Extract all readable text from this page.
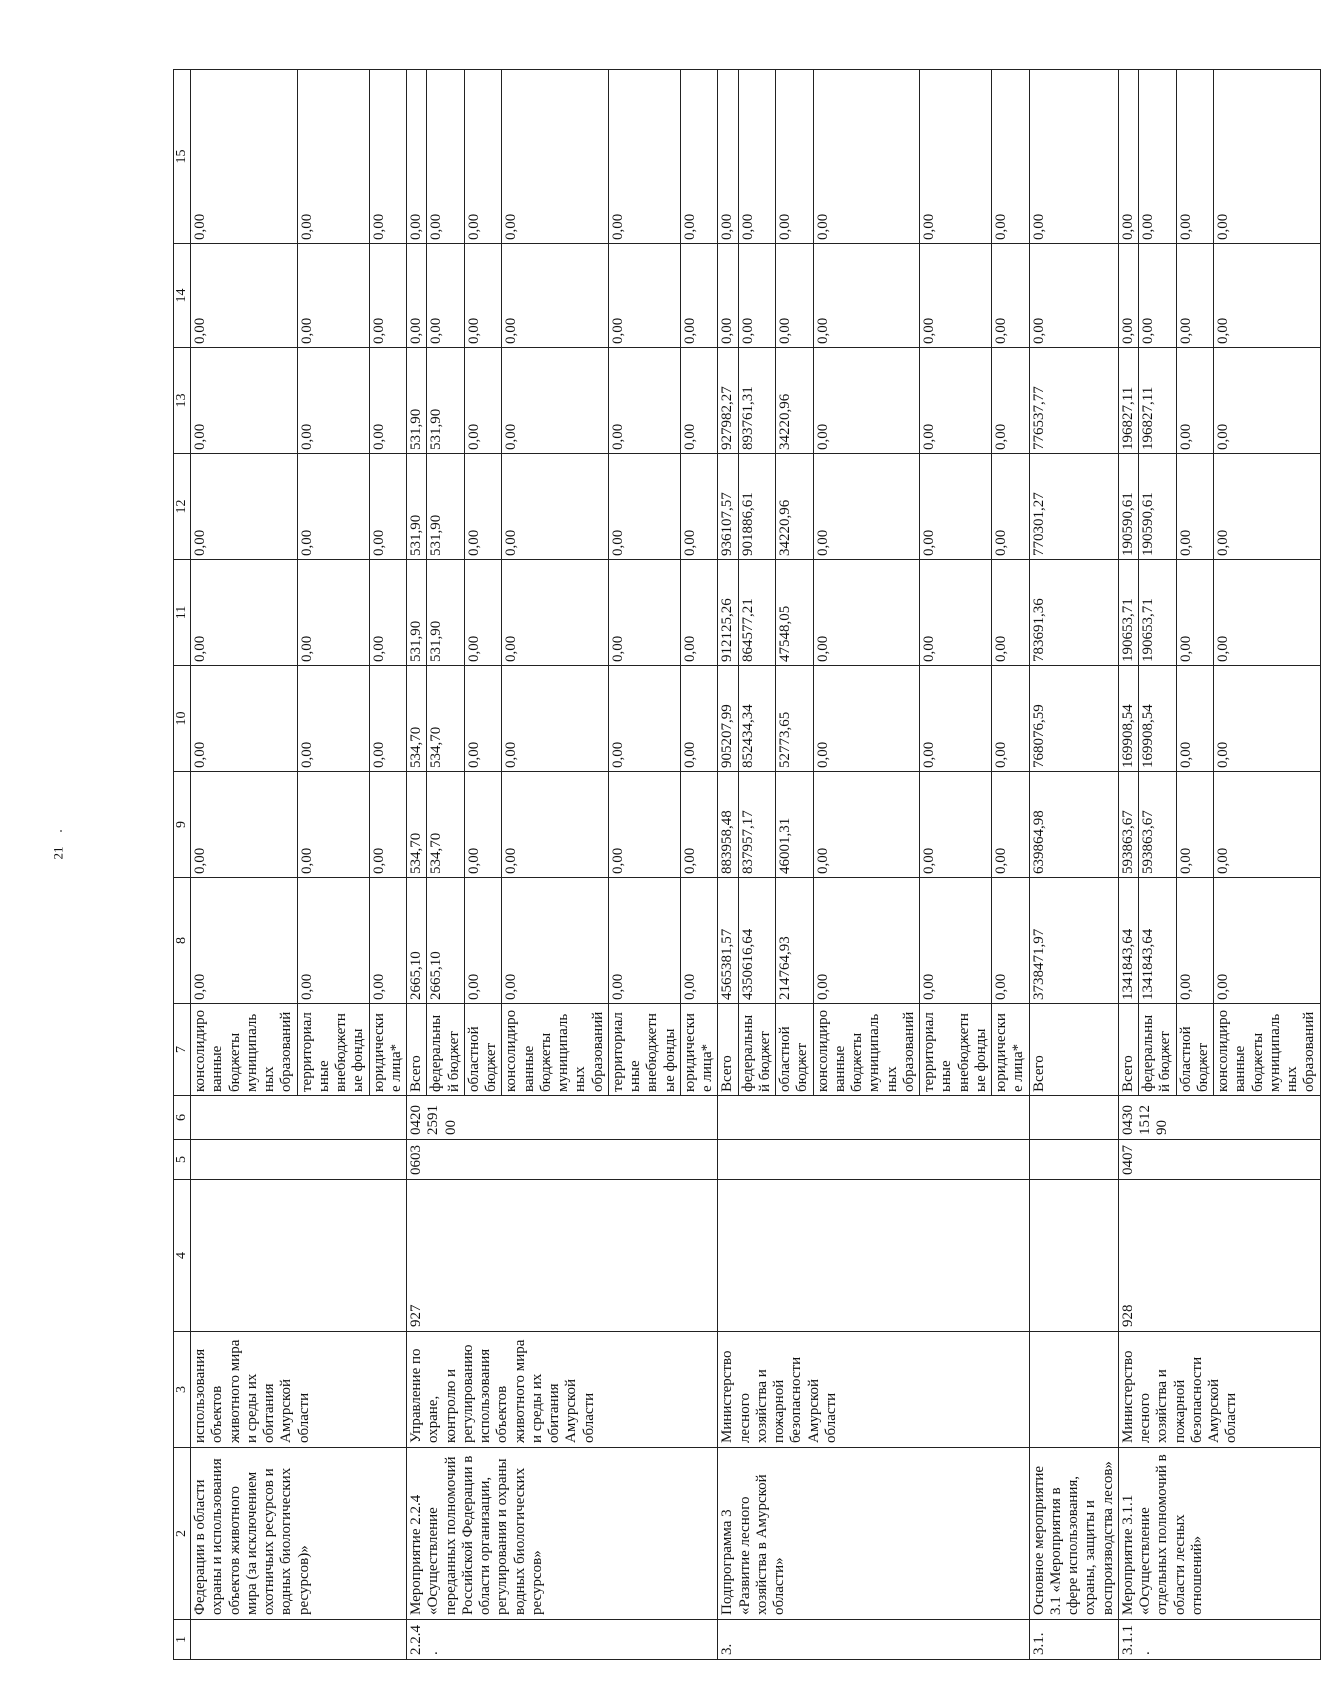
21
1	2	3	4	5	6	7	8	9	10	11	12	13	14	15
	Федерации в области охраны и использования объектов животного мира (за исключением охотничьих ресурсов и водных биологических ресурсов)»	использования объектов животного мира и среды их обитания Амурской области				консолидированные бюджеты муниципальных образований	0,00	0,00	0,00	0,00	0,00	0,00	0,00	0,00
						территориальные внебюджетные фонды	0,00	0,00	0,00	0,00	0,00	0,00	0,00	0,00
						юридические лица*	0,00	0,00	0,00	0,00	0,00	0,00	0,00	0,00
2.2.4.	Мероприятие 2.2.4 «Осуществление переданных полномочий Российской Федерации в области организации, регулирования и охраны водных биологических ресурсов»	Управление по охране, контролю и регулированию использования объектов животного мира и среды их обитания Амурской области	927	0603	0420259100	Всего	2665,10	534,70	534,70	531,90	531,90	531,90	0,00	0,00
						федеральный бюджет	2665,10	534,70	534,70	531,90	531,90	531,90	0,00	0,00
						областной бюджет	0,00	0,00	0,00	0,00	0,00	0,00	0,00	0,00
						консолидированные бюджеты муниципальных образований	0,00	0,00	0,00	0,00	0,00	0,00	0,00	0,00
						территориальные внебюджетные фонды	0,00	0,00	0,00	0,00	0,00	0,00	0,00	0,00
						юридические лица*	0,00	0,00	0,00	0,00	0,00	0,00	0,00	0,00
3.	Подпрограмма 3 «Развитие лесного хозяйства в Амурской области»	Министерство лесного хозяйства и пожарной безопасности Амурской области				Всего	4565381,57	883958,48	905207,99	912125,26	936107,57	927982,27	0,00	0,00
						федеральный бюджет	4350616,64	837957,17	852434,34	864577,21	901886,61	893761,31	0,00	0,00
						областной бюджет	214764,93	46001,31	52773,65	47548,05	34220,96	34220,96	0,00	0,00
						консолидированные бюджеты муниципальных образований	0,00	0,00	0,00	0,00	0,00	0,00	0,00	0,00
						территориальные внебюджетные фонды	0,00	0,00	0,00	0,00	0,00	0,00	0,00	0,00
						юридические лица*	0,00	0,00	0,00	0,00	0,00	0,00	0,00	0,00
3.1.	Основное мероприятие 3.1 «Мероприятия в сфере использования, охраны, защиты и воспроизводства лесов»					Всего	3738471,97	639864,98	768076,59	783691,36	770301,27	776537,77	0,00	0,00
3.1.1.	Мероприятие 3.1.1 «Осуществление отдельных полномочий в области лесных отношений»	Министерство лесного хозяйства и пожарной безопасности Амурской области	928	0407	0430151290	Всего	1341843,64	593863,67	169908,54	190653,71	190590,61	196827,11	0,00	0,00
						федеральный бюджет	1341843,64	593863,67	169908,54	190653,71	190590,61	196827,11	0,00	0,00
						областной бюджет	0,00	0,00	0,00	0,00	0,00	0,00	0,00	0,00
						консолидированные бюджеты муниципальных образований	0,00	0,00	0,00	0,00	0,00	0,00	0,00	0,00
